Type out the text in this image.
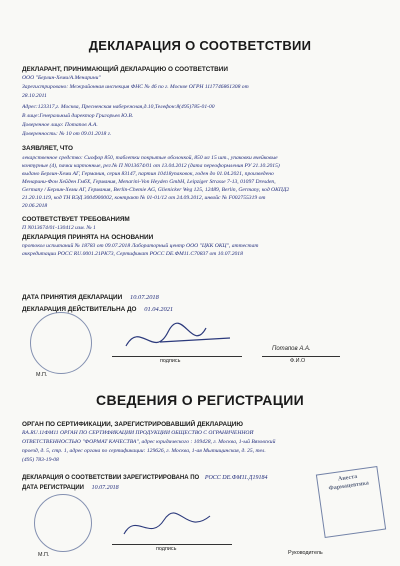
ДЕКЛАРАЦИЯ О СООТВЕТСТВИИ
ДЕКЛАРАНТ, ПРИНИМАЮЩИЙ ДЕКЛАРАЦИЮ О СООТВЕТСТВИИ
ООО "Берлин-Хеми/А.Менарини"
Зарегистрировано: Межрайонная инспекция ФНС № 46 по г. Москве ОГРН 1117746861308 от
28.10.2011
Адрес:123317,г. Москва, Пресненская набережная,д.10,Телефон:8(495)785-01-00
В лице:Генеральный директор Григорьев Ю.В.
Доверенное лицо: Потапов А.А.
Доверенность: № 10 от 09.01.2018 г.
ЗАЯВЛЯЕТ, ЧТО
лекарственное средство: Сиофор 850, таблетки покрытые оболочкой, 850 мг 15 шт., упаковки ячейковые
контурные (4), пачки картонные, рег.№ П N013674/01 от 13.04.2012 (дата переоформления РУ 21.10.2015)
выдано Берлин-Хеми АГ, Германия, серия 83147, партия 10418упаковок, годен до 01.04.2021, произведено
Менарини-Фон Хейден ГмбХ, Германия, Menarini-Von Heyden GmbH, Leipziger Strasse 7-13, 01097 Dresden,
Germany / Берлин-Хеми АГ, Германия, Berlin-Chemie AG, Glienicker Weg 125, 12489, Berlin, Germany, код ОКПД2
21.20.10.119, код ТН ВЭД 3004900002, контракт № 01-01/12 от 24.09.2012, инвойс № F002755319 от
20.06.2018
СООТВЕТСТВУЕТ ТРЕБОВАНИЯМ
П N013674/01-130412 изм. № 1
ДЕКЛАРАЦИЯ ПРИНЯТА НА ОСНОВАНИИ
протокол испытаний № 18783 от 09.07.2018 Лабораторный центр ООО "ЦКК ОКЦ", аттестат
аккредитации РОСС RU.0001.21РК73, Сертификат РОСС DE.ФМ11.С70837 от 10.07.2018
ДАТА ПРИНЯТИЯ ДЕКЛАРАЦИИ 10.07.2018
ДЕКЛАРАЦИЯ ДЕЙСТВИТЕЛЬНА ДО 01.04.2021
М.П.
подпись
Потапов А.А.
Ф.И.О
СВЕДЕНИЯ О РЕГИСТРАЦИИ
ОРГАН ПО СЕРТИФИКАЦИИ, ЗАРЕГИСТРИРОВАВШИЙ ДЕКЛАРАЦИЮ
RA.RU.11ФМ11 ОРГАН ПО СЕРТИФИКАЦИИ ПРОДУКЦИИ ОБЩЕСТВО С ОГРАНИЧЕННОЙ
ОТВЕТСТВЕННОСТЬЮ "ФОРМАТ КАЧЕСТВА", адрес юридического : 109428, г. Москва, 1-ый Вязовский
проезд, д. 5, стр. 1, адрес органа по сертификации: 129626, г. Москва, 1-ая Мытищинская, д. 25, тел.
(495) 783-19-08
ДЕКЛАРАЦИЯ О СООТВЕТСТВИИ ЗАРЕГИСТРИРОВАНА ПО РОСС DE.ФМ11.Д19184
ДАТА РЕГИСТРАЦИИ 10.07.2018
М.П.
подпись
Анеста Фармацевтика
Руководитель
